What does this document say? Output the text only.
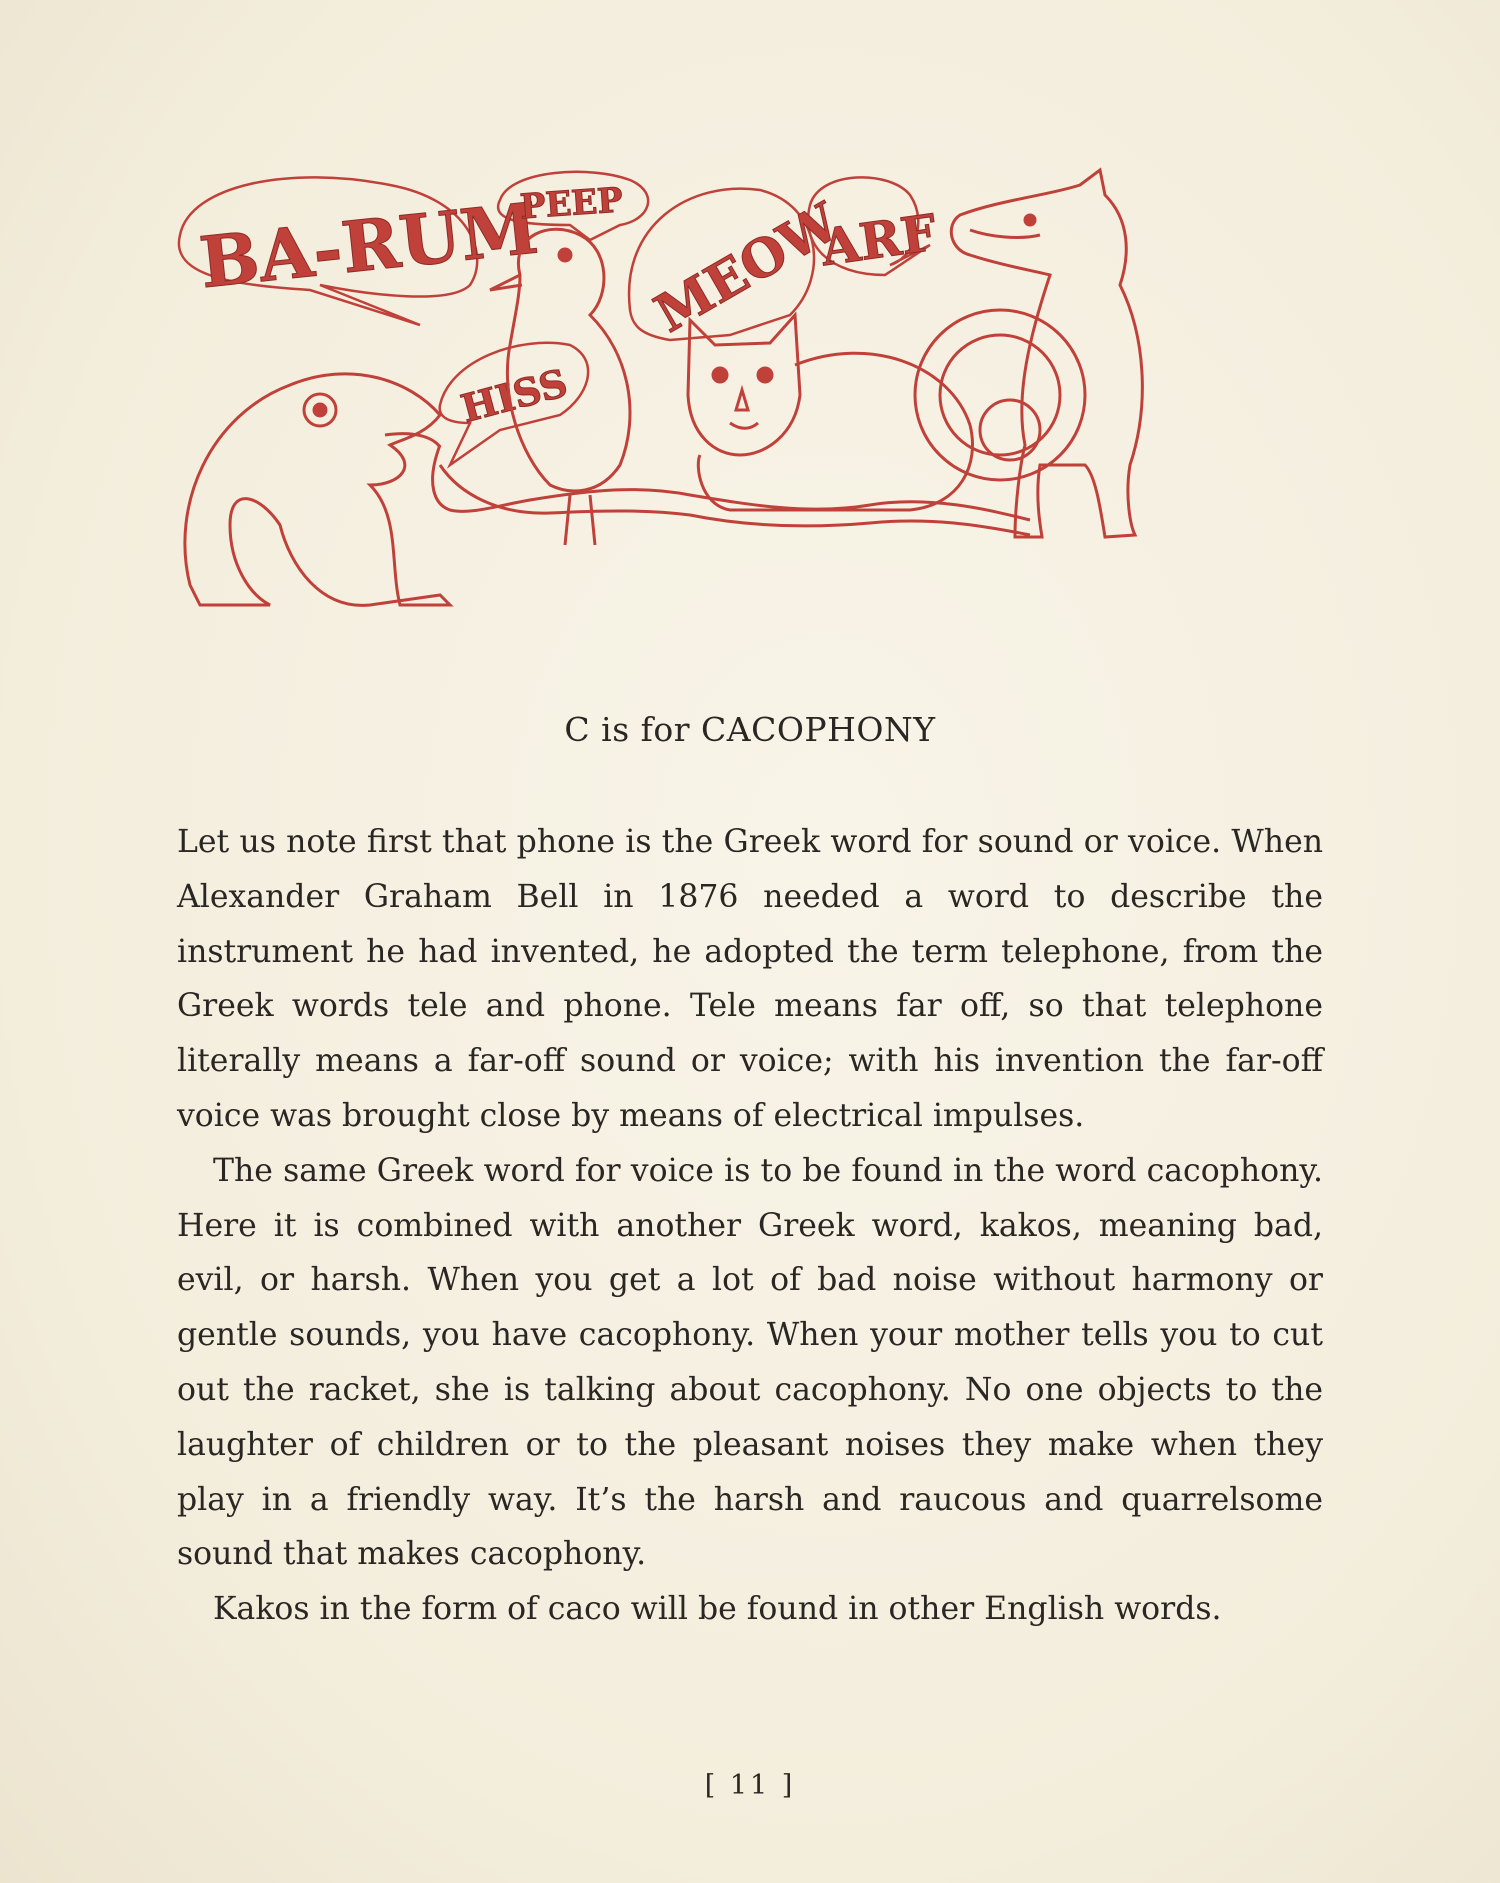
BA-RUM
PEEP MEOW
ARF
HISS
C is for CACOPHONY

Let us note first that phone is the Greek word for sound or voice. When Alexander Graham Bell in 1876 needed a word to describe the instrument he had invented, he adopted the term telephone, from the Greek words tele and phone. Tele means far off, so that telephone literally means a far-off sound or voice; with his invention the far-off voice was brought close by means of electrical impulses.

The same Greek word for voice is to be found in the word cacophony. Here it is combined with another Greek word, kakos, meaning bad, evil, or harsh. When you get a lot of bad noise without harmony or gentle sounds, you have cacophony. When your mother tells you to cut out the racket, she is talking about cacophony. No one objects to the laughter of children or to the pleasant noises they make when they play in a friendly way. It’s the harsh and raucous and quarrelsome sound that makes cacophony.

Kakos in the form of caco will be found in other English words.

[ 11 ]
